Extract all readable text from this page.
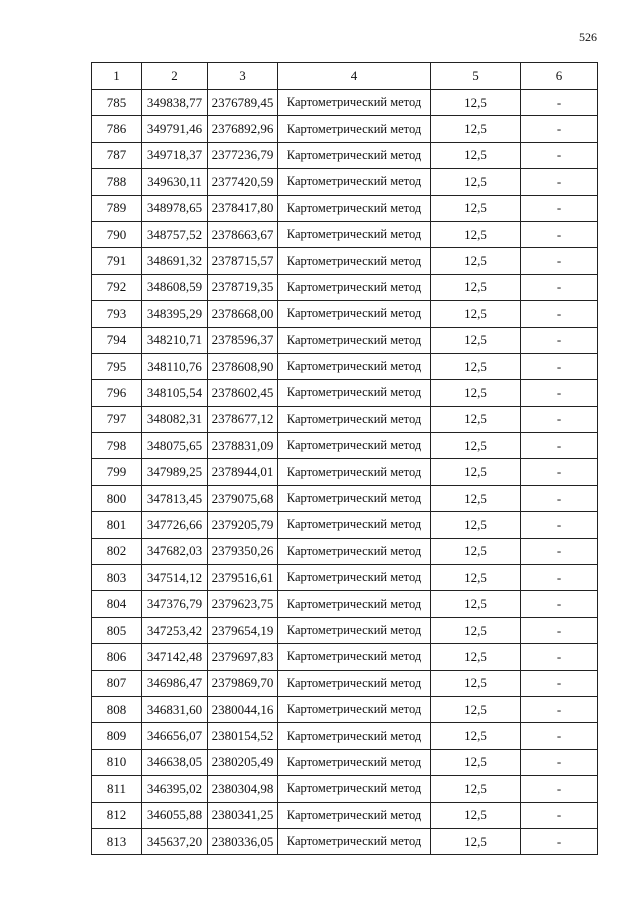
526
1	2	3	4	5	6
785	349838,77	2376789,45	Картометрический метод	12,5	-
786	349791,46	2376892,96	Картометрический метод	12,5	-
787	349718,37	2377236,79	Картометрический метод	12,5	-
788	349630,11	2377420,59	Картометрический метод	12,5	-
789	348978,65	2378417,80	Картометрический метод	12,5	-
790	348757,52	2378663,67	Картометрический метод	12,5	-
791	348691,32	2378715,57	Картометрический метод	12,5	-
792	348608,59	2378719,35	Картометрический метод	12,5	-
793	348395,29	2378668,00	Картометрический метод	12,5	-
794	348210,71	2378596,37	Картометрический метод	12,5	-
795	348110,76	2378608,90	Картометрический метод	12,5	-
796	348105,54	2378602,45	Картометрический метод	12,5	-
797	348082,31	2378677,12	Картометрический метод	12,5	-
798	348075,65	2378831,09	Картометрический метод	12,5	-
799	347989,25	2378944,01	Картометрический метод	12,5	-
800	347813,45	2379075,68	Картометрический метод	12,5	-
801	347726,66	2379205,79	Картометрический метод	12,5	-
802	347682,03	2379350,26	Картометрический метод	12,5	-
803	347514,12	2379516,61	Картометрический метод	12,5	-
804	347376,79	2379623,75	Картометрический метод	12,5	-
805	347253,42	2379654,19	Картометрический метод	12,5	-
806	347142,48	2379697,83	Картометрический метод	12,5	-
807	346986,47	2379869,70	Картометрический метод	12,5	-
808	346831,60	2380044,16	Картометрический метод	12,5	-
809	346656,07	2380154,52	Картометрический метод	12,5	-
810	346638,05	2380205,49	Картометрический метод	12,5	-
811	346395,02	2380304,98	Картометрический метод	12,5	-
812	346055,88	2380341,25	Картометрический метод	12,5	-
813	345637,20	2380336,05	Картометрический метод	12,5	-
